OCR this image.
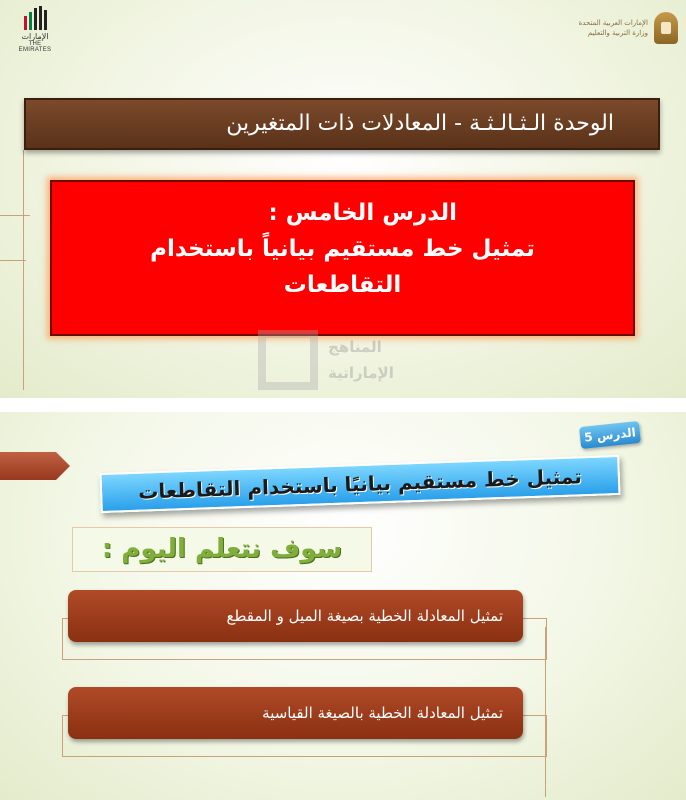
الإمارات
THE EMIRATES
الإمارات العربية المتحدة
وزارة التربية والتعليم
الوحدة الـثـالـثـة - المعادلات ذات المتغيرين
الدرس الخامس :
تمثيل خط مستقيم بيانياً باستخدام
التقاطعات
المناهج
الإماراتية
الدرس 5
تمثيل خط مستقيم بيانيًا باستخدام التقاطعات
سوف نتعلم اليوم :
تمثيل المعادلة الخطية بصيغة الميل و المقطع
تمثيل المعادلة الخطية بالصيغة القياسية
